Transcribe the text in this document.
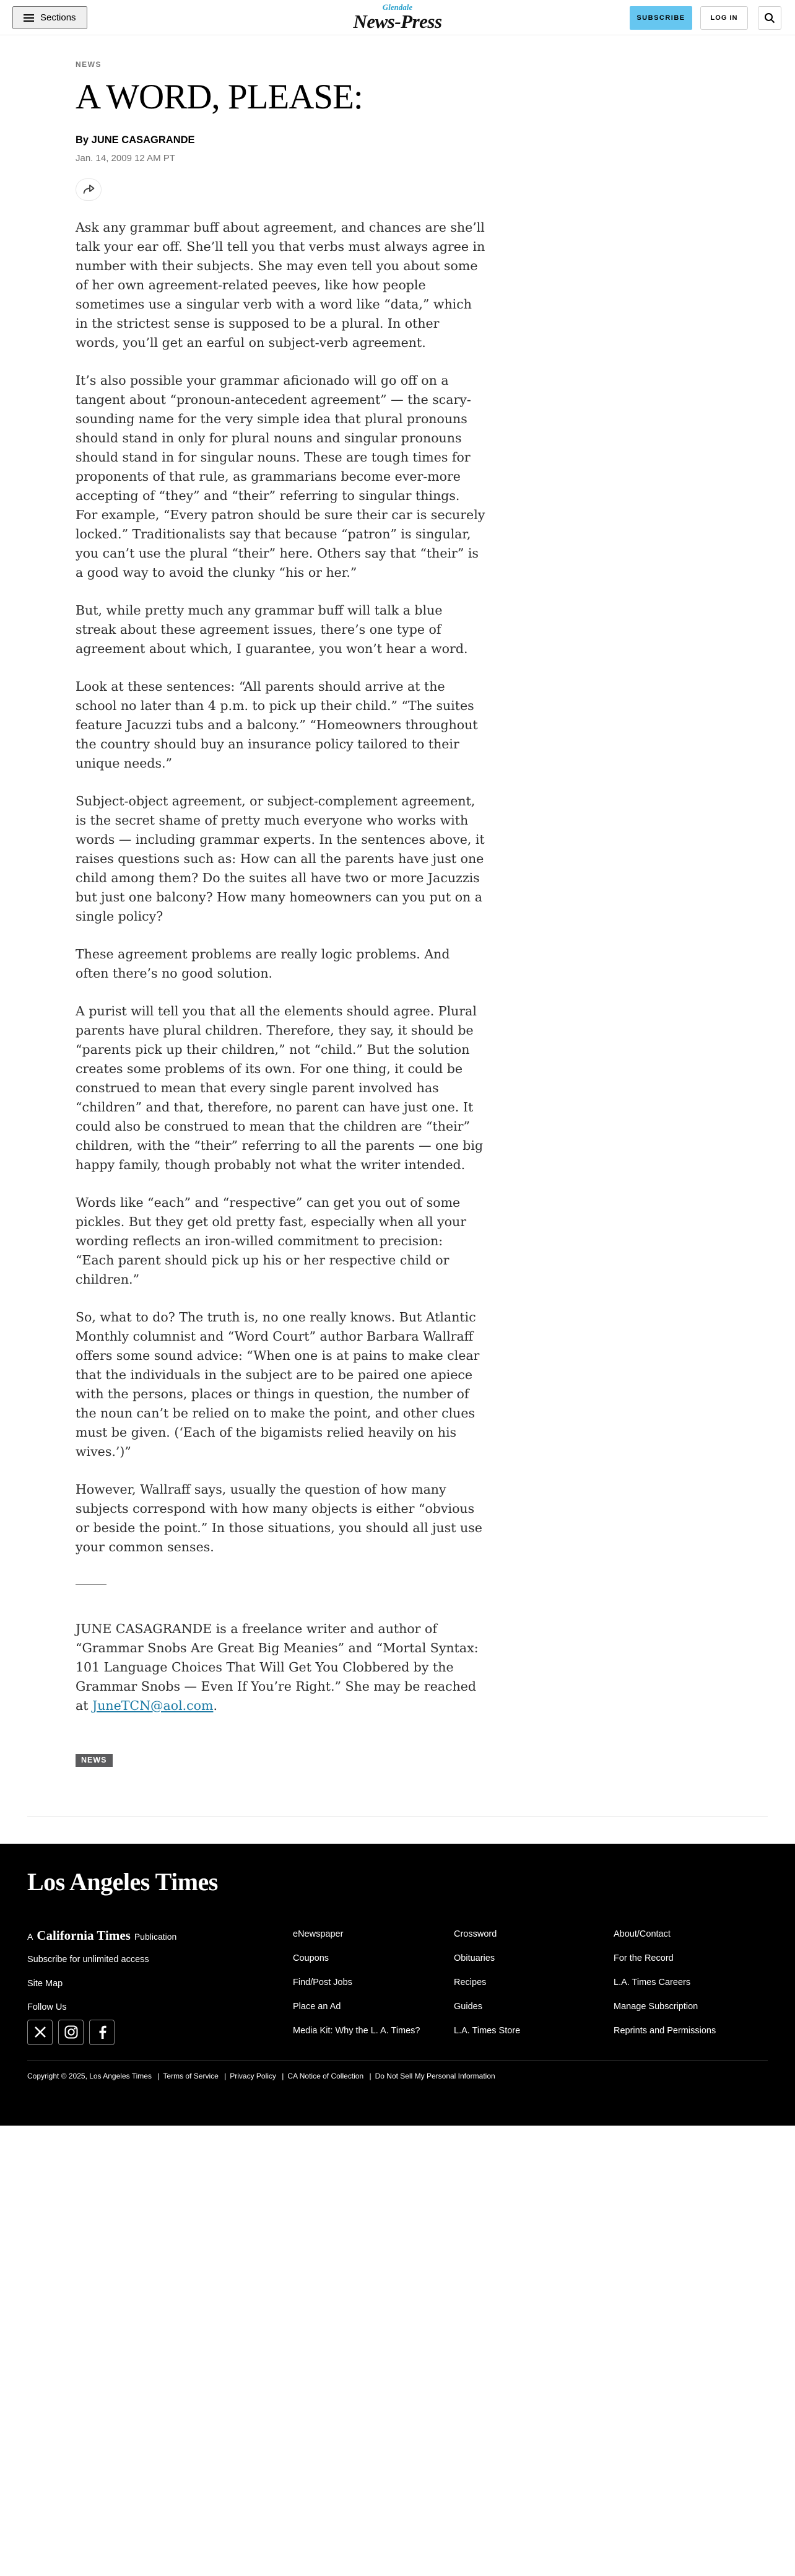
Sections
Glendale
News-Press	SUBSCRIBE	LOG IN
NEWS
A WORD, PLEASE:
By JUNE CASAGRANDE
Jan. 14, 2009 12 AM PT

Ask any grammar buff about agreement, and chances are she’ll talk your ear off. She’ll tell you that verbs must always agree in number with their subjects. She may even tell you about some of her own agreement-related peeves, like how people sometimes use a singular verb with a word like “data,” which in the strictest sense is supposed to be a plural. In other words, you’ll get an earful on subject-verb agreement.

It’s also possible your grammar aficionado will go off on a tangent about “pronoun-antecedent agreement” — the scary-sounding name for the very simple idea that plural pronouns should stand in only for plural nouns and singular pronouns should stand in for singular nouns. These are tough times for proponents of that rule, as grammarians become ever-more accepting of “they” and “their” referring to singular things. For example, “Every patron should be sure their car is securely locked.” Traditionalists say that because “patron” is singular, you can’t use the plural “their” here. Others say that “their” is a good way to avoid the clunky “his or her.”

But, while pretty much any grammar buff will talk a blue streak about these agreement issues, there’s one type of agreement about which, I guarantee, you won’t hear a word.

Look at these sentences: “All parents should arrive at the school no later than 4 p.m. to pick up their child.” “The suites feature Jacuzzi tubs and a balcony.” “Homeowners throughout the country should buy an insurance policy tailored to their unique needs.”

Subject-object agreement, or subject-complement agreement, is the secret shame of pretty much everyone who works with words — including grammar experts. In the sentences above, it raises questions such as: How can all the parents have just one child among them? Do the suites all have two or more Jacuzzis but just one balcony? How many homeowners can you put on a single policy?

These agreement problems are really logic problems. And often there’s no good solution.

A purist will tell you that all the elements should agree. Plural parents have plural children. Therefore, they say, it should be “parents pick up their children,” not “child.” But the solution creates some problems of its own. For one thing, it could be construed to mean that every single parent involved has “children” and that, therefore, no parent can have just one. It could also be construed to mean that the children are “their” children, with the “their” referring to all the parents — one big happy family, though probably not what the writer intended.

Words like “each” and “respective” can get you out of some pickles. But they get old pretty fast, especially when all your wording reflects an iron-willed commitment to precision: “Each parent should pick up his or her respective child or children.”

So, what to do? The truth is, no one really knows. But Atlantic Monthly columnist and “Word Court” author Barbara Wallraff offers some sound advice: “When one is at pains to make clear that the individuals in the subject are to be paired one apiece with the persons, places or things in question, the number of the noun can’t be relied on to make the point, and other clues must be given. (‘Each of the bigamists relied heavily on his wives.’)”

However, Wallraff says, usually the question of how many subjects correspond with how many objects is either “obvious or beside the point.” In those situations, you should all just use your common senses.

JUNE CASAGRANDE is a freelance writer and author of “Grammar Snobs Are Great Big Meanies” and “Mortal Syntax: 101 Language Choices That Will Get You Clobbered by the Grammar Snobs — Even If You’re Right.” She may be reached at JuneTCN@aol.com.
NEWS
Los Angeles Times
A California Times Publication
Subscribe for unlimited access
Site Map
Follow Us
eNewspaper
Coupons
Find/Post Jobs
Place an Ad
Media Kit: Why the L. A. Times?
Crossword
Obituaries
Recipes
Guides
L.A. Times Store
About/Contact
For the Record
L.A. Times Careers
Manage Subscription
Reprints and Permissions
Copyright © 2025, Los Angeles Times | Terms of Service | Privacy Policy | CA Notice of Collection | Do Not Sell My Personal Information
